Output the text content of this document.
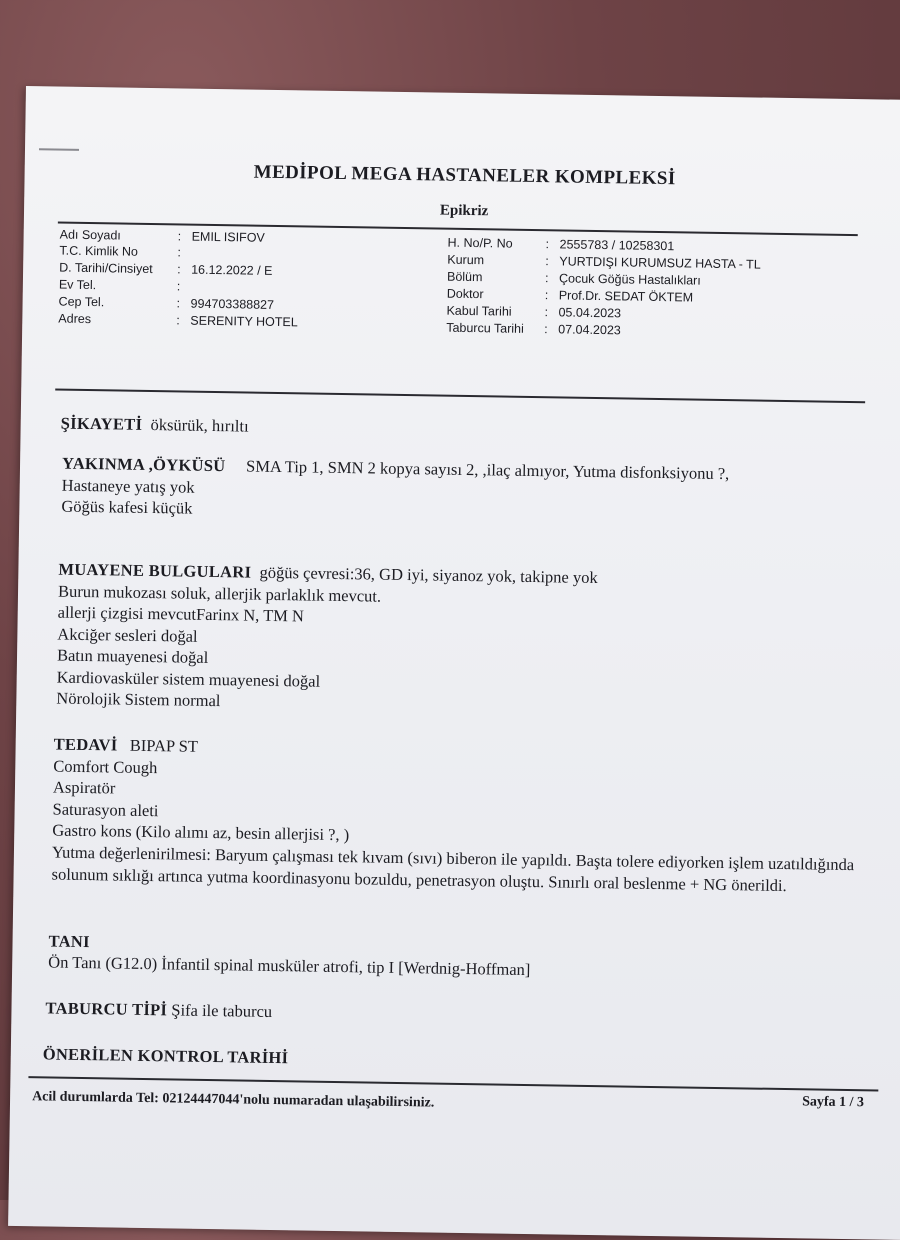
MEDİPOL MEGA HASTANELER KOMPLEKSİ
Epikriz
Adı Soyadı	: EMIL ISIFOV
T.C. Kimlik No	:
D. Tarihi/Cinsiyet : 16.12.2022 / E
Ev Tel.	:
Cep Tel.	: 994703388827
Adres	: SERENITY HOTEL
H. No/P. No	: 2555783 / 10258301
Kurum	: YURTDIŞI KURUMSUZ HASTA - TL
Bölüm	: Çocuk Göğüs Hastalıkları
Doktor	: Prof.Dr. SEDAT ÖKTEM
Kabul Tarihi	: 05.04.2023
Taburcu Tarihi : 07.04.2023
ŞİKAYETİ öksürük, hırıltı
YAKINMA ,ÖYKÜSÜ SMA Tip 1, SMN 2 kopya sayısı 2, ,ilaç almıyor, Yutma disfonksiyonu ?,
Hastaneye yatış yok
Göğüs kafesi küçük
MUAYENE BULGULARI göğüs çevresi:36, GD iyi, siyanoz yok, takipne yok
Burun mukozası soluk, allerjik parlaklık mevcut.
allerji çizgisi mevcutFarinx N, TM N
Akciğer sesleri doğal
Batın muayenesi doğal
Kardiovasküler sistem muayenesi doğal
Nörolojik Sistem normal
TEDAVİ BIPAP ST
Comfort Cough
Aspiratör
Saturasyon aleti
Gastro kons (Kilo alımı az, besin allerjisi ?, )
Yutma değerlenirilmesi: Baryum çalışması tek kıvam (sıvı) biberon ile yapıldı. Başta tolere ediyorken işlem uzatıldığında solunum sıklığı artınca yutma koordinasyonu bozuldu, penetrasyon oluştu. Sınırlı oral beslenme + NG önerildi.
TANI
Ön Tanı (G12.0) İnfantil spinal musküler atrofi, tip I [Werdnig-Hoffman]
TABURCU TİPİ Şifa ile taburcu
ÖNERİLEN KONTROL TARİHİ
Acil durumlarda Tel: 02124447044'nolu numaradan ulaşabilirsiniz.	Sayfa 1 / 3
